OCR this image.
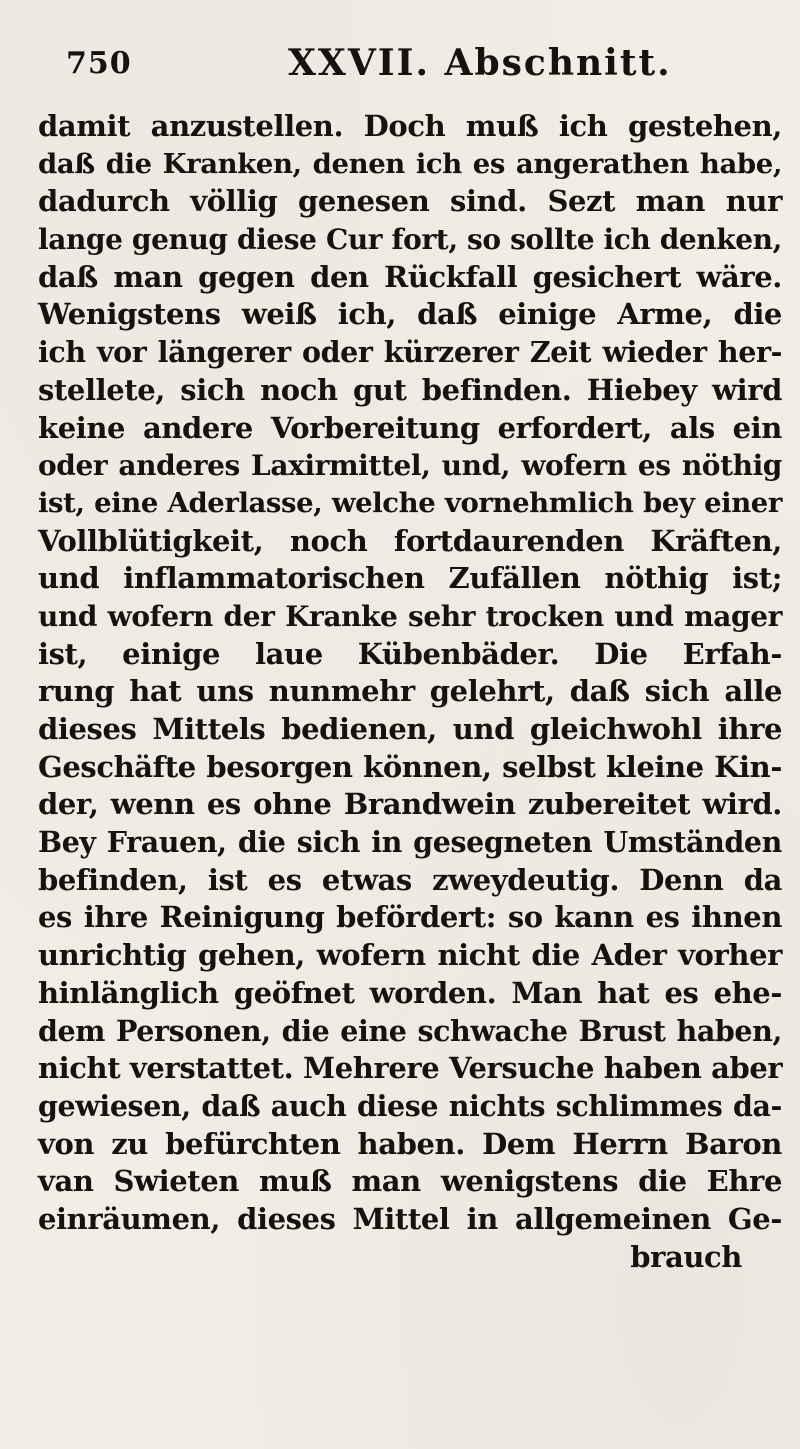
750	XXVII. Abschnitt.
damit anzustellen. Doch muß ich gestehen,
daß die Kranken, denen ich es angerathen habe,
dadurch völlig genesen sind. Sezt man nur
lange genug diese Cur fort, so sollte ich denken,
daß man gegen den Rückfall gesichert wäre.
Wenigstens weiß ich, daß einige Arme, die
ich vor längerer oder kürzerer Zeit wieder her-
stellete, sich noch gut befinden. Hiebey wird
keine andere Vorbereitung erfordert, als ein
oder anderes Laxirmittel, und, wofern es nöthig
ist, eine Aderlasse, welche vornehmlich bey einer
Vollblütigkeit, noch fortdaurenden Kräften,
und inflammatorischen Zufällen nöthig ist;
und wofern der Kranke sehr trocken und mager
ist, einige laue Kübenbäder. Die Erfah-
rung hat uns nunmehr gelehrt, daß sich alle
dieses Mittels bedienen, und gleichwohl ihre
Geschäfte besorgen können, selbst kleine Kin-
der, wenn es ohne Brandwein zubereitet wird.
Bey Frauen, die sich in gesegneten Umständen
befinden, ist es etwas zweydeutig. Denn da
es ihre Reinigung befördert: so kann es ihnen
unrichtig gehen, wofern nicht die Ader vorher
hinlänglich geöfnet worden. Man hat es ehe-
dem Personen, die eine schwache Brust haben,
nicht verstattet. Mehrere Versuche haben aber
gewiesen, daß auch diese nichts schlimmes da-
von zu befürchten haben. Dem Herrn Baron
van Swieten muß man wenigstens die Ehre
einräumen, dieses Mittel in allgemeinen Ge-
brauch
